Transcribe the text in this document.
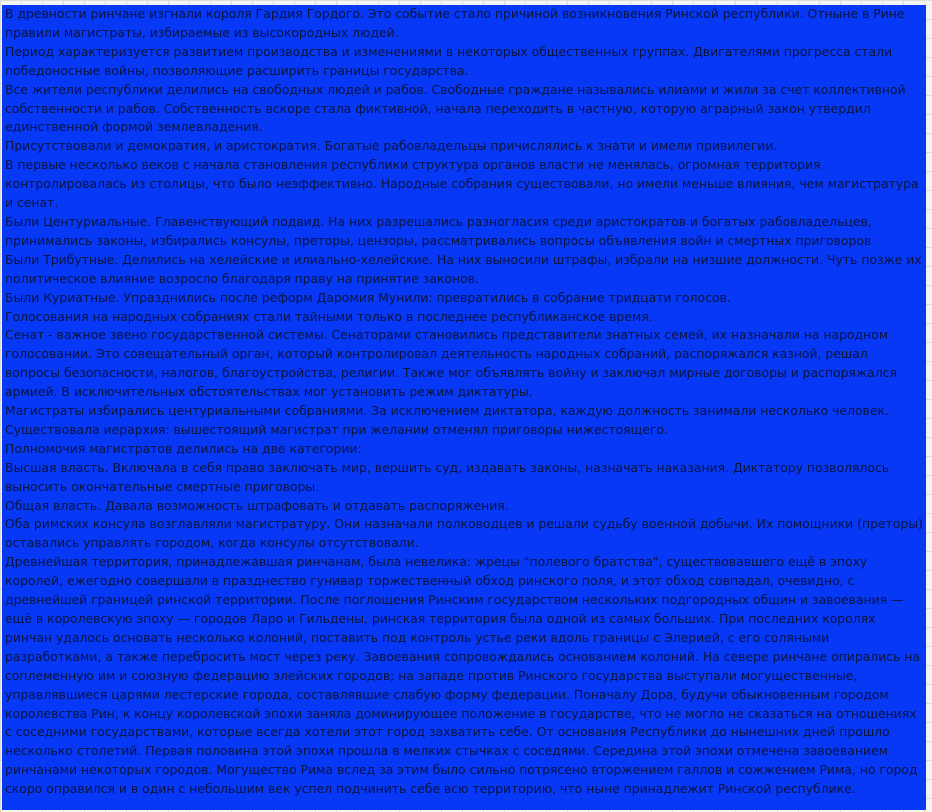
В древности ринчане изгнали короля Гардия Гордого. Это событие стало причиной возникновения Ринской республики. Отныне в Рине правили магистраты, избираемые из высокородных людей.

Период характеризуется развитием производства и изменениями в некоторых общественных группах. Двигателями прогресса стали победоносные войны, позволяющие расширить границы государства.

Все жители республики делились на свободных людей и рабов. Свободные граждане назывались илиами и жили за счет коллективной собственности и рабов. Собственность вскоре стала фиктивной, начала переходить в частную, которую аграрный закон утвердил единственной формой землевладения.

Присутствовали и демократия, и аристократия. Богатые рабовладельцы причислялись к знати и имели привилегии.

В первые несколько веков с начала становления республики структура органов власти не менялась, огромная территория контролировалась из столицы, что было неэффективно. Народные собрания существовали, но имели меньше влияния, чем магистратура и сенат.

Были Центуриальные. Главенствующий подвид. На них разрешались разногласия среди аристократов и богатых рабовладельцев, принимались законы, избирались консулы, преторы, цензоры, рассматривались вопросы объявления войн и смертных приговоров

Были Трибутные. Делились на хелейские и илиально-хелейские. На них выносили штрафы, избрали на низшие должности. Чуть позже их политическое влияние возросло благодаря праву на принятие законов.

Были Куриатные. Упразднились после реформ Даромия Мунили: превратились в собрание тридцати голосов.

Голосования на народных собраниях стали тайными только в последнее республиканское время.

Сенат - важное звено государственной системы. Сенаторами становились представители знатных семей, их назначали на народном голосовании. Это совещательный орган, который контролировал деятельность народных собраний, распоряжался казной, решал вопросы безопасности, налогов, благоустройства, религии. Также мог объявлять войну и заключал мирные договоры и распоряжался армией. В исключительных обстоятельствах мог установить режим диктатуры.

Магистраты избирались центуриальными собраниями. За исключением диктатора, каждую должность занимали несколько человек.

Существовала иерархия: вышестоящий магистрат при желании отменял приговоры нижестоящего.

Полномочия магистратов делились на две категории:

Высшая власть. Включала в себя право заключать мир, вершить суд, издавать законы, назначать наказания. Диктатору позволялось выносить окончательные смертные приговоры.

Общая власть. Давала возможность штрафовать и отдавать распоряжения.

Оба римских консула возглавляли магистратуру. Они назначали полководцев и решали судьбу военной добычи. Их помощники (преторы) оставались управлять городом, когда консулы отсутствовали.

Древнейшая территория, принадлежавшая ринчанам, была невелика: жрецы "полевого братства", существовавшего ещё в эпоху королей, ежегодно совершали в празднество гунивар торжественный обход ринского поля, и этот обход совпадал, очевидно, с древнейшей границей ринской территории. После поглощения Ринским государством нескольких подгородных общин и завоевания — ещё в королевскую эпоху — городов Ларо и Гильдены, ринская территория была одной из самых больших. При последних королях ринчан удалось основать несколько колоний, поставить под контроль устье реки вдоль границы с Элерией, с его соляными разработками, а также перебросить мост через реку. Завоевания сопровождались основанием колоний. На севере ринчане опирались на соплеменную им и союзную федерацию элейских городов; на западе против Ринского государства выступали могущественные, управлявшиеся царями лестерские города, составлявшие слабую форму федерации. Поначалу Дора, будучи обыкновенным городом королевства Рин, к концу королевской эпохи заняла доминирующее положение в государстве, что не могло не сказаться на отношениях с соседними государствами, которые всегда хотели этот город захватить себе. От основания Республики до нынешних дней прошло несколько столетий. Первая половина этой эпохи прошла в мелких стычках с соседями. Середина этой эпохи отмечена завоеванием ринчанами некоторых городов. Могущество Рима вслед за этим было сильно потрясено вторжением галлов и сожжением Рима, но город скоро оправился и в один с небольшим век успел подчинить себе всю территорию, что ныне принадлежит Ринской республике.
